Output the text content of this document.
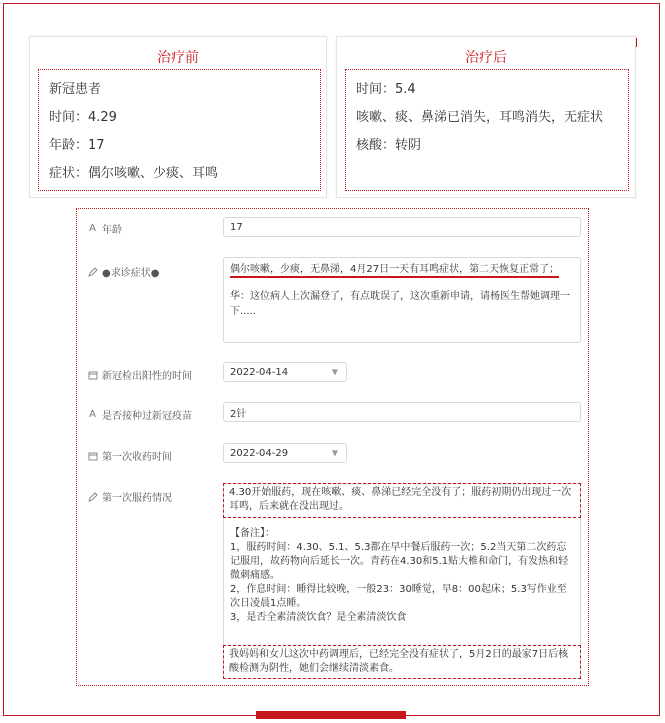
治疗前
新冠患者
时间：4.29
年龄：17
症状：偶尔咳嗽、少痰、耳鸣
治疗后
时间：5.4
咳嗽、痰、鼻涕已消失，耳鸣消失，无症状
核酸：转阴
A 年龄	17
●求诊症状●	偶尔咳嗽，少痰，无鼻涕，4月27日一天有耳鸣症状，第二天恢复正常了；
华：这位病人上次漏登了，有点耽误了，这次重新申请，请杨医生帮她调理一下.....
新冠检出阳性的时间	2022-04-14	▼
A 是否接种过新冠疫苗	2针
第一次收药时间	2022-04-29	▼
第一次服药情况
4.30开始服药，现在咳嗽、痰、鼻涕已经完全没有了；服药初期仍出现过一次耳鸣，后来就在没出现过。
【备注】：
1，服药时间：4.30、5.1、5.3都在早中餐后服药一次；5.2当天第二次药忘记服用，故药物向后延长一次。青药在4.30和5.1贴大椎和命门，有发热和轻微刺痛感。
2，作息时间：睡得比较晚，一般23：30睡觉，早8：00起床；5.3写作业至次日凌晨1点睡。
3，是否全素清淡饮食？是全素清淡饮食
我妈妈和女儿这次中药调理后，已经完全没有症状了，5月2日的最家7日后核酸检测为阴性，她们会继续清淡素食。
